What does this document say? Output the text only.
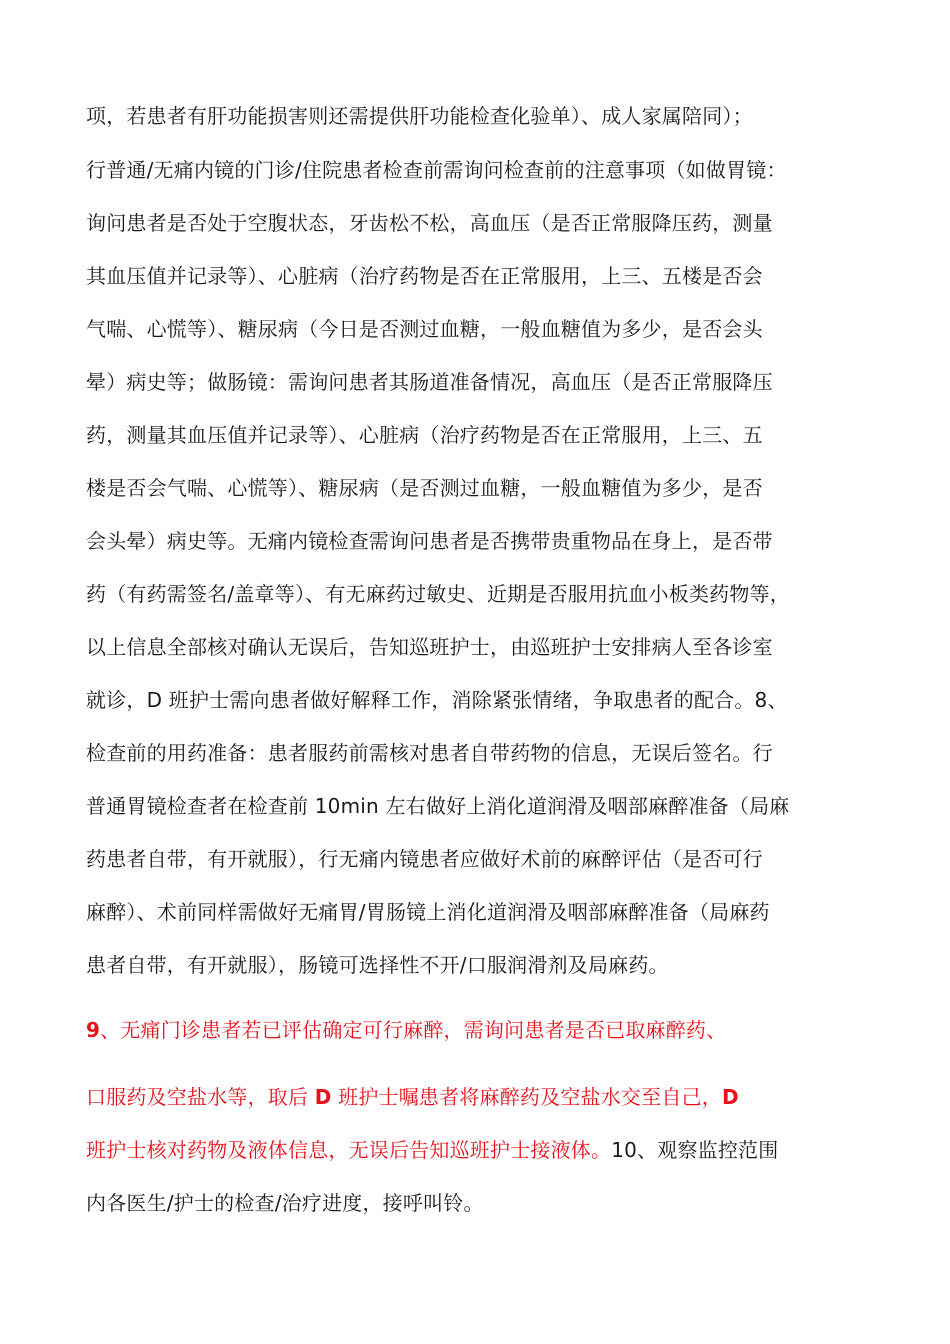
项，若患者有肝功能损害则还需提供肝功能检查化验单）、成人家属陪同）；
行普通/无痛内镜的门诊/住院患者检查前需询问检查前的注意事项（如做胃镜：
询问患者是否处于空腹状态，牙齿松不松，高血压（是否正常服降压药，测量
其血压值并记录等）、心脏病（治疗药物是否在正常服用，上三、五楼是否会
气喘、心慌等）、糖尿病（今日是否测过血糖，一般血糖值为多少，是否会头
晕）病史等；做肠镜：需询问患者其肠道准备情况，高血压（是否正常服降压
药，测量其血压值并记录等）、心脏病（治疗药物是否在正常服用，上三、五
楼是否会气喘、心慌等）、糖尿病（是否测过血糖，一般血糖值为多少，是否
会头晕）病史等。无痛内镜检查需询问患者是否携带贵重物品在身上，是否带
药（有药需签名/盖章等）、有无麻药过敏史、近期是否服用抗血小板类药物等，
以上信息全部核对确认无误后，告知巡班护士，由巡班护士安排病人至各诊室
就诊，D 班护士需向患者做好解释工作，消除紧张情绪，争取患者的配合。8、
检查前的用药准备：患者服药前需核对患者自带药物的信息，无误后签名。行
普通胃镜检查者在检查前 10min 左右做好上消化道润滑及咽部麻醉准备（局麻
药患者自带，有开就服），行无痛内镜患者应做好术前的麻醉评估（是否可行
麻醉）、术前同样需做好无痛胃/胃肠镜上消化道润滑及咽部麻醉准备（局麻药
患者自带，有开就服），肠镜可选择性不开/口服润滑剂及局麻药。
9、无痛门诊患者若已评估确定可行麻醉，需询问患者是否已取麻醉药、
口服药及空盐水等，取后 D 班护士嘱患者将麻醉药及空盐水交至自己，D
班护士核对药物及液体信息，无误后告知巡班护士接液体。10、观察监控范围
内各医生/护士的检查/治疗进度，接呼叫铃。
